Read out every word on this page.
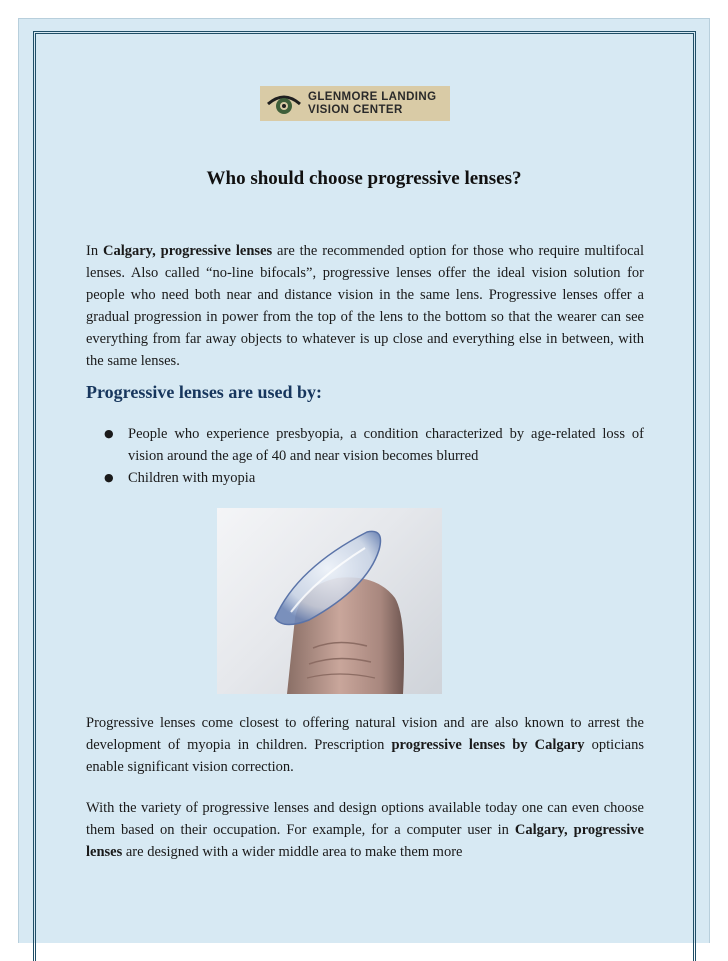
GLENMORE LANDING
VISION CENTER
Who should choose progressive lenses?

In Calgary, progressive lenses are the recommended option for those who require multifocal lenses. Also called “no-line bifocals”, progressive lenses offer the ideal vision solution for people who need both near and distance vision in the same lens. Progressive lenses offer a gradual progression in power from the top of the lens to the bottom so that the wearer can see everything from far away objects to whatever is up close and everything else in between, with the same lenses.

Progressive lenses are used by:
● People who experience presbyopia, a condition characterized by age-related loss of vision around the age of 40 and near vision becomes blurred
● Children with myopia

Progressive lenses come closest to offering natural vision and are also known to arrest the development of myopia in children. Prescription progressive lenses by Calgary opticians enable significant vision correction.

With the variety of progressive lenses and design options available today one can even choose them based on their occupation. For example, for a computer user in Calgary, progressive lenses are designed with a wider middle area to make them more
